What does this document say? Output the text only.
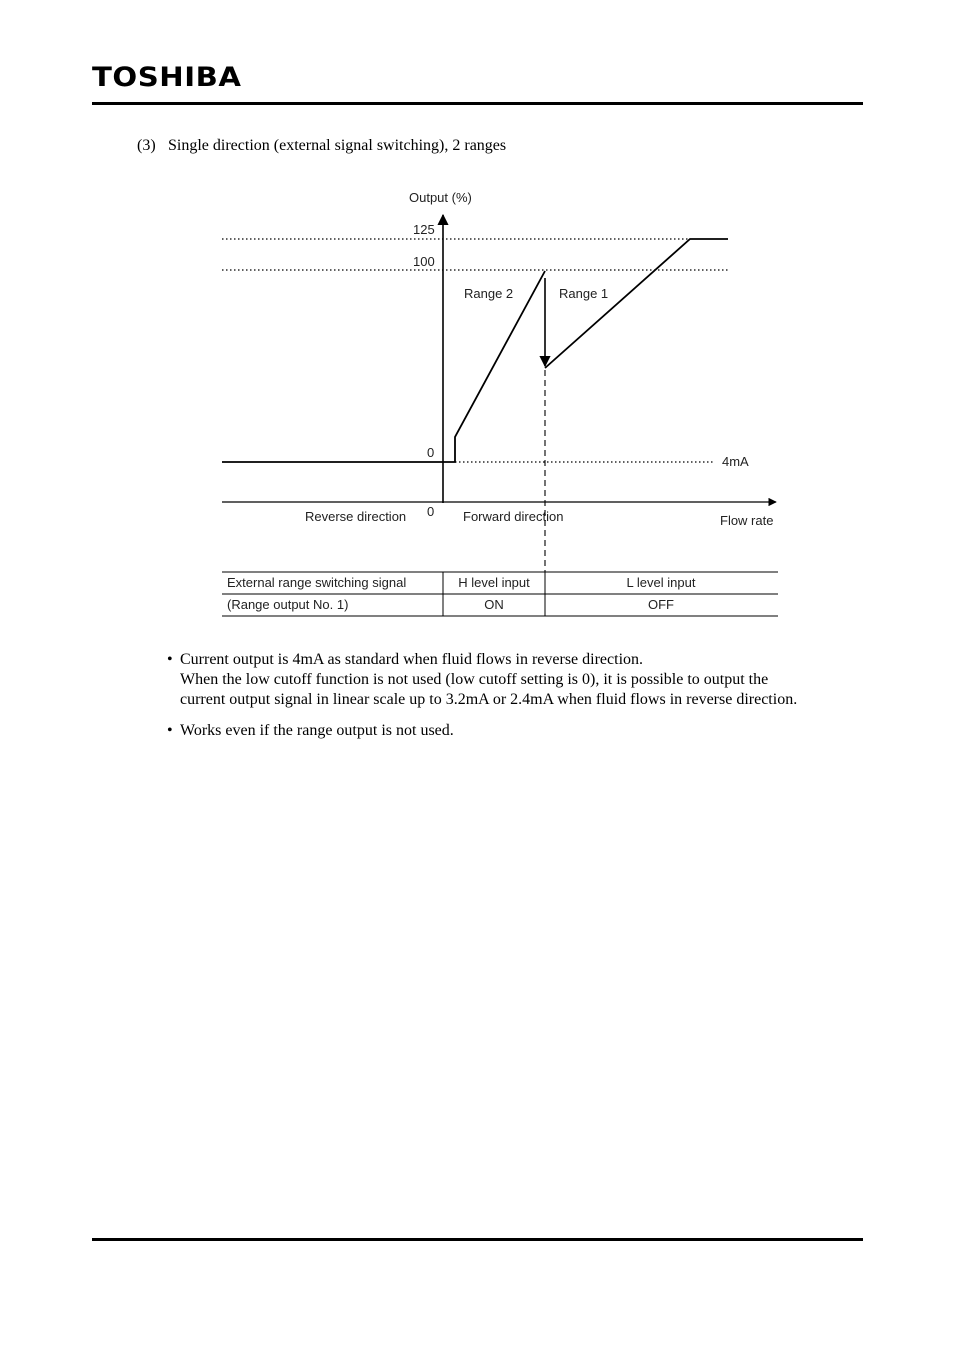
TOSHIBA
(3) Single direction (external signal switching), 2 ranges
Output (%)
125
100
0
0
Range 2	Range 1
4mA
Reverse direction	Forward direction	Flow rate
External range switching signal	H level input	L level input
(Range output No. 1)	ON	OFF
• Current output is 4mA as standard when fluid flows in reverse direction.
When the low cutoff function is not used (low cutoff setting is 0), it is possible to output the
current output signal in linear scale up to 3.2mA or 2.4mA when fluid flows in reverse direction.
• Works even if the range output is not used.
